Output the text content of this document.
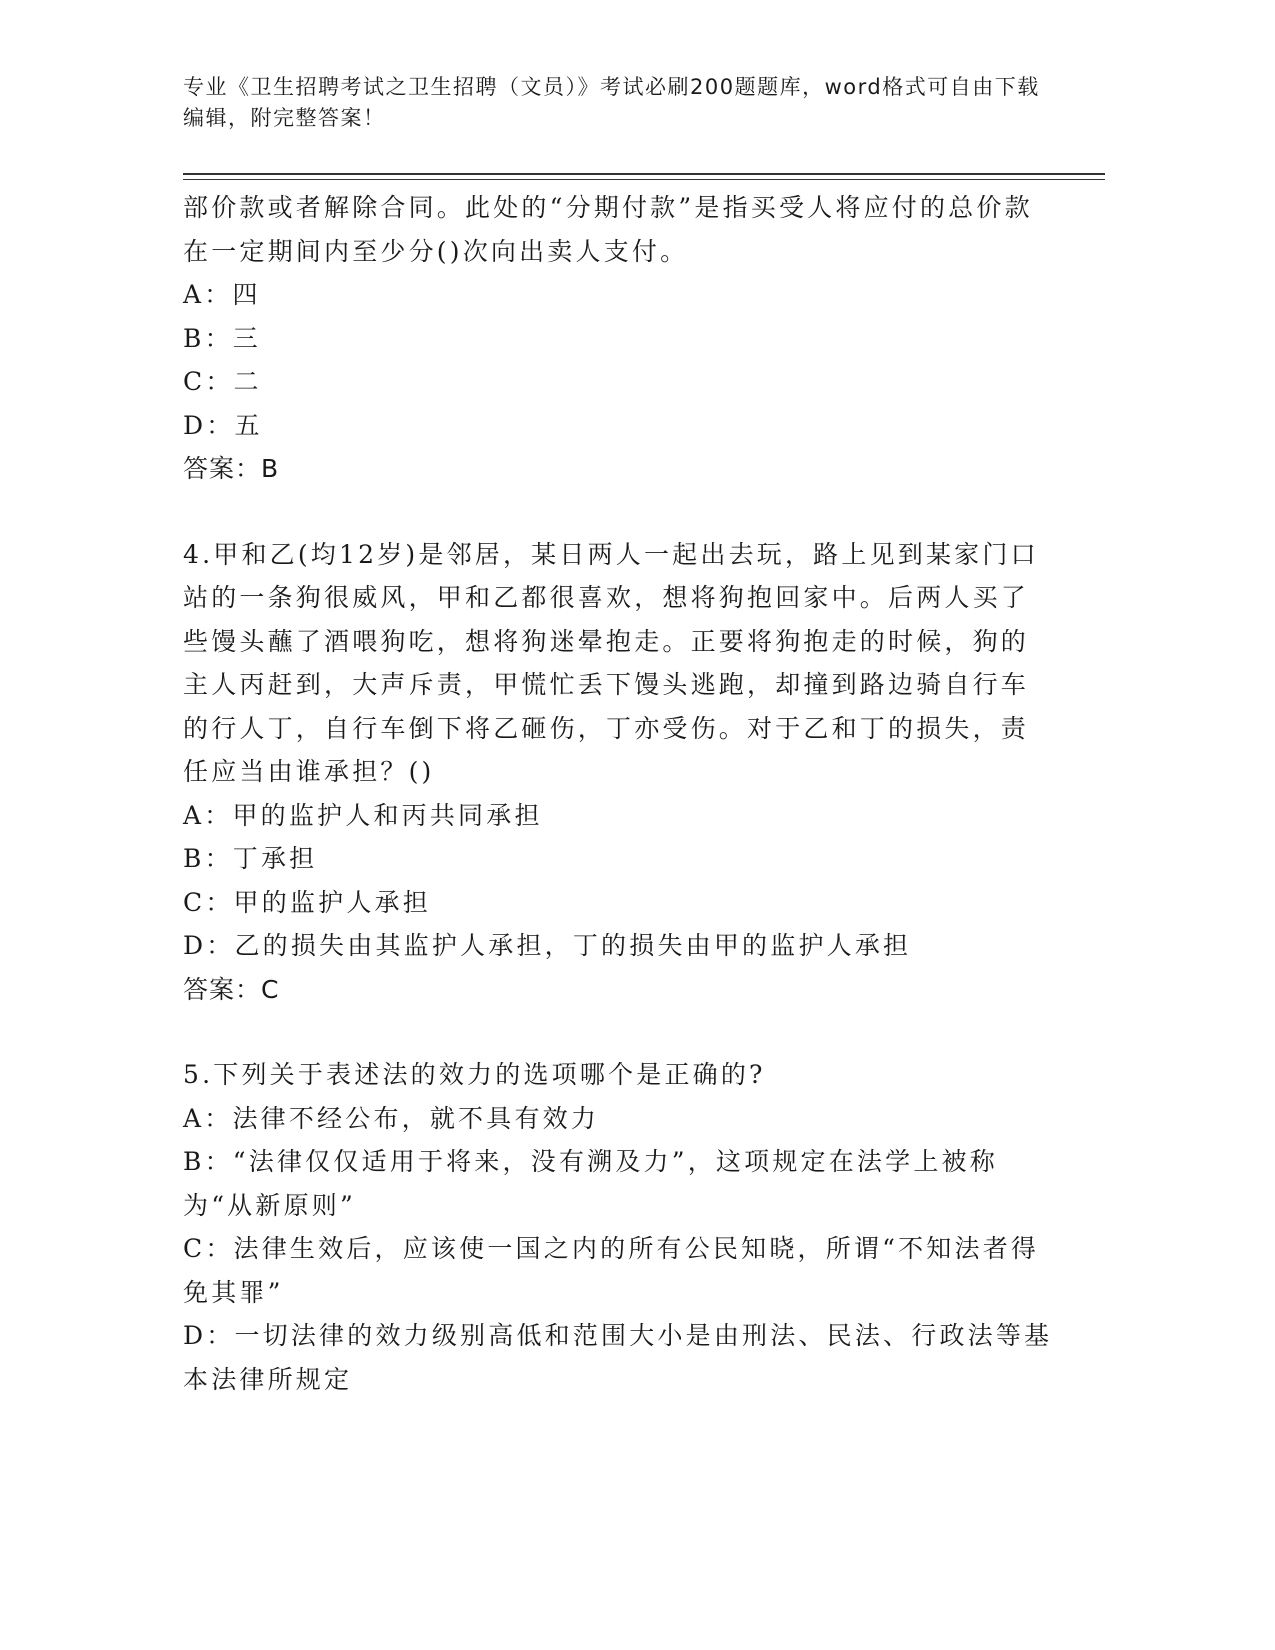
专业《卫生招聘考试之卫生招聘（文员）》考试必刷200题题库，word格式可自由下载编辑，附完整答案！

部价款或者解除合同。此处的“分期付款”是指买受人将应付的总价款在一定期间内至少分()次向出卖人支付。

A：四

B：三

C：二

D：五

答案：B

4.甲和乙(均12岁)是邻居，某日两人一起出去玩，路上见到某家门口站的一条狗很威风，甲和乙都很喜欢，想将狗抱回家中。后两人买了些馒头蘸了酒喂狗吃，想将狗迷晕抱走。正要将狗抱走的时候，狗的主人丙赶到，大声斥责，甲慌忙丢下馒头逃跑，却撞到路边骑自行车的行人丁，自行车倒下将乙砸伤，丁亦受伤。对于乙和丁的损失，责任应当由谁承担？()

A：甲的监护人和丙共同承担

B：丁承担

C：甲的监护人承担

D：乙的损失由其监护人承担，丁的损失由甲的监护人承担

答案：C

5.下列关于表述法的效力的选项哪个是正确的?

A：法律不经公布，就不具有效力

B：“法律仅仅适用于将来，没有溯及力”，这项规定在法学上被称为“从新原则”

C：法律生效后，应该使一国之内的所有公民知晓，所谓“不知法者得免其罪”

D：一切法律的效力级别高低和范围大小是由刑法、民法、行政法等基本法律所规定
